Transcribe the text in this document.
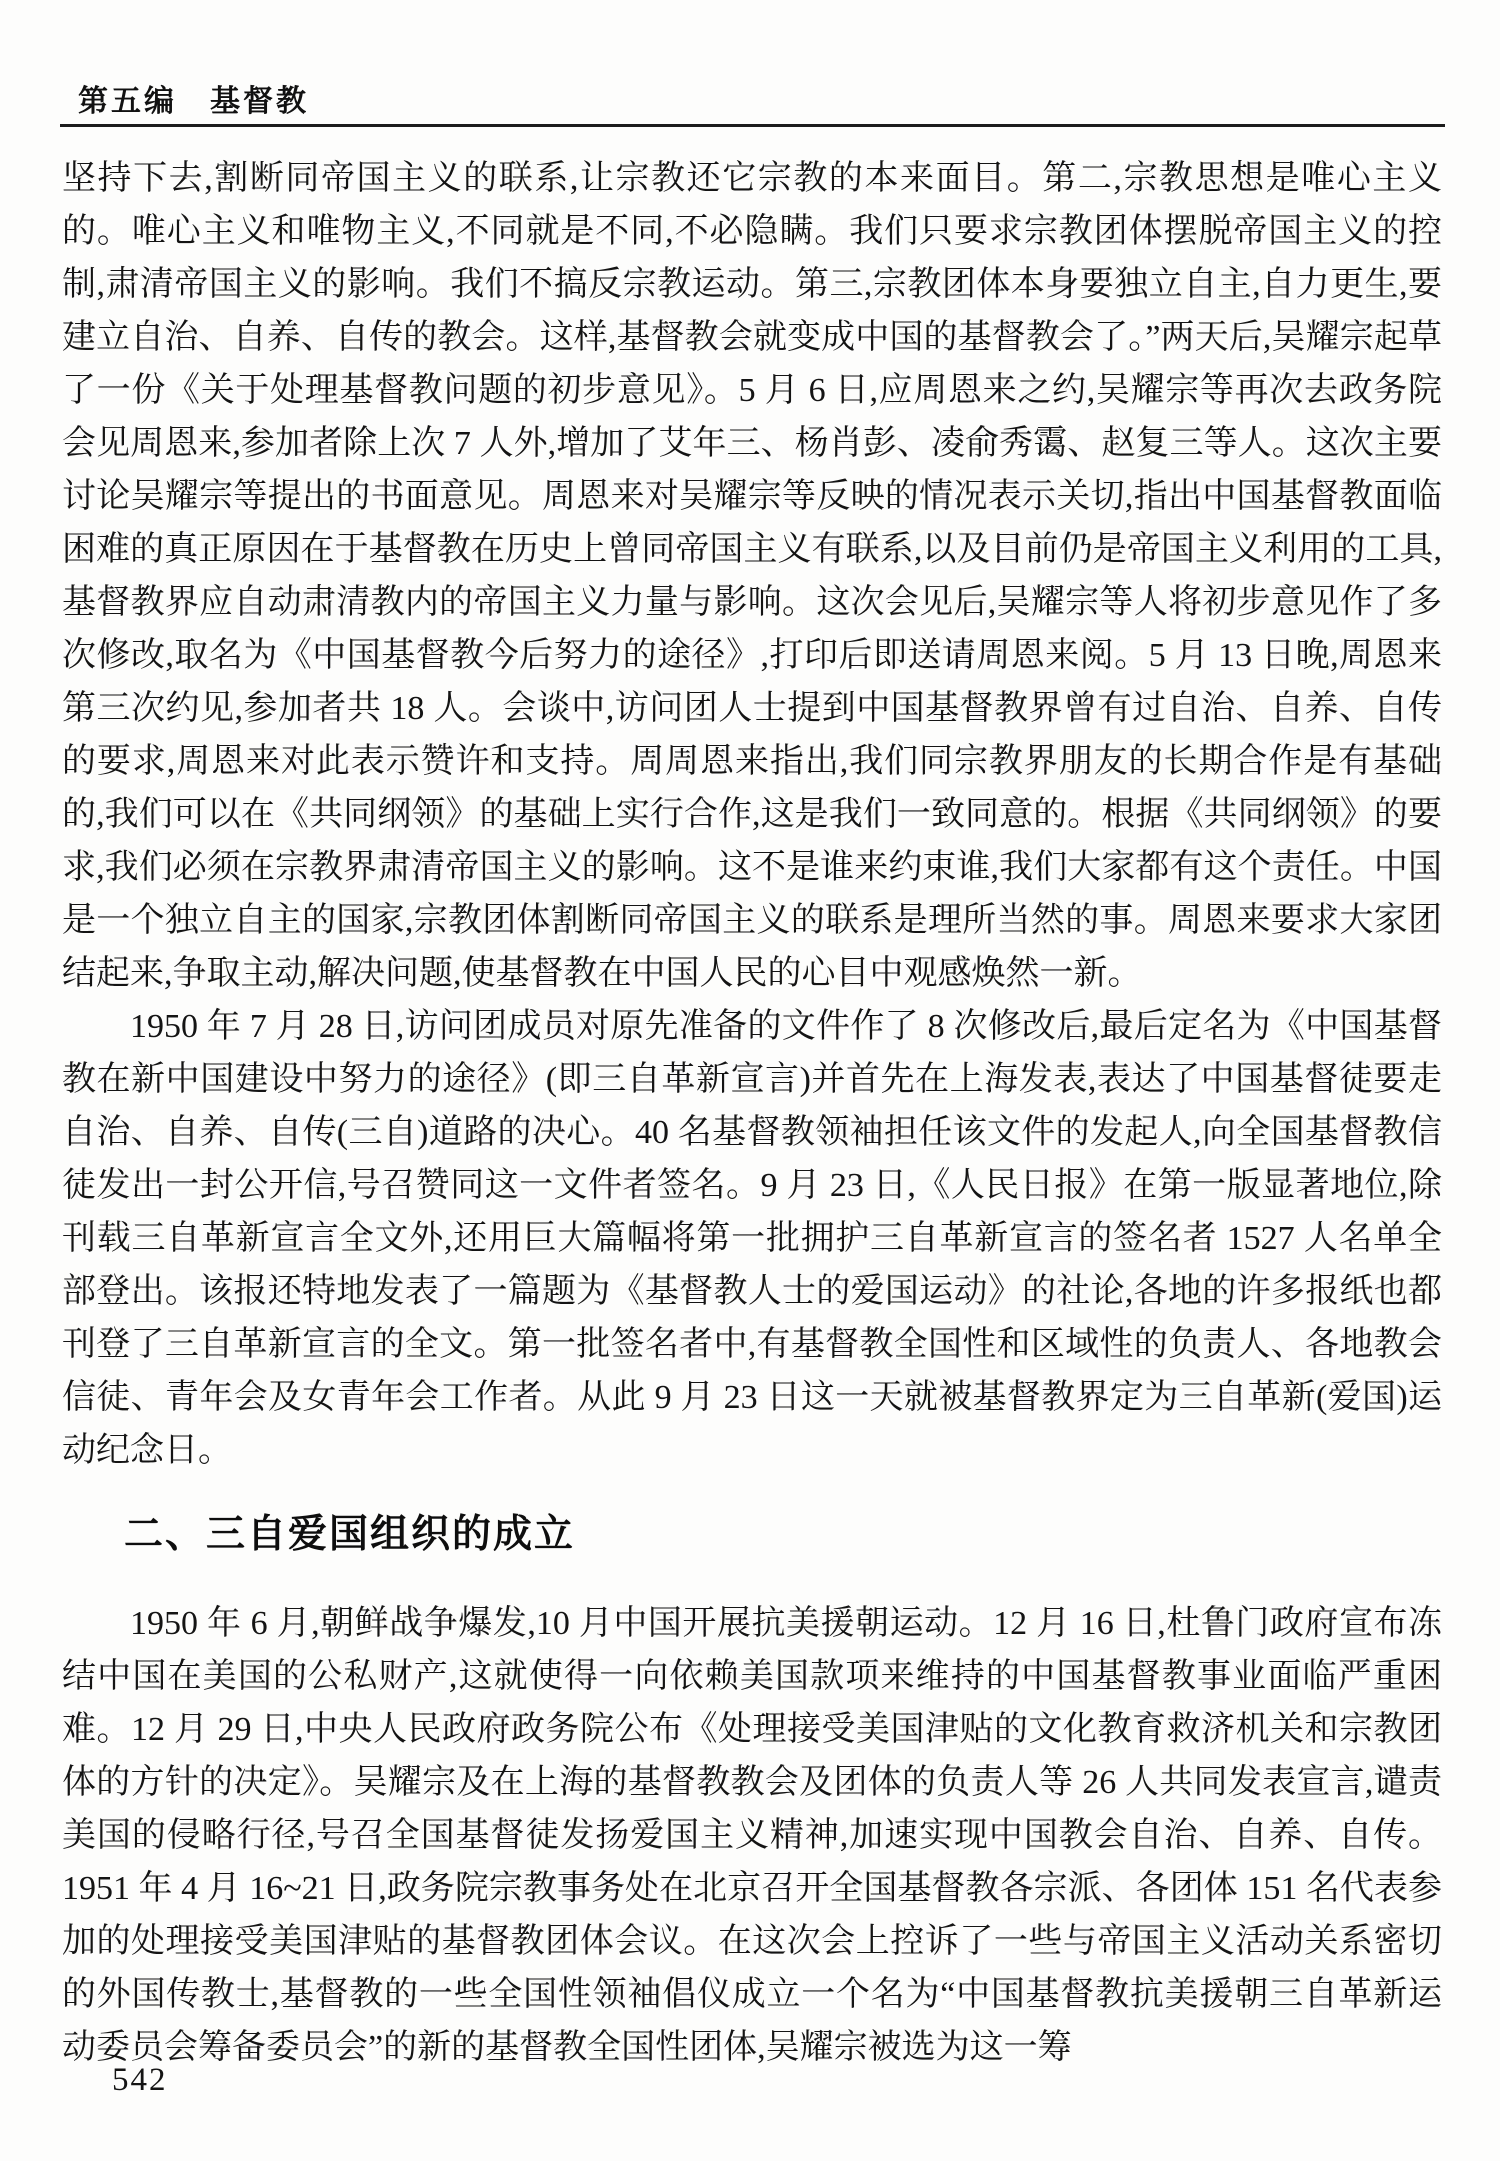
第五编　基督教

坚持下去,割断同帝国主义的联系,让宗教还它宗教的本来面目。第二,宗教思想是唯心主义的。唯心主义和唯物主义,不同就是不同,不必隐瞒。我们只要求宗教团体摆脱帝国主义的控制,肃清帝国主义的影响。我们不搞反宗教运动。第三,宗教团体本身要独立自主,自力更生,要建立自治、自养、自传的教会。这样,基督教会就变成中国的基督教会了。”两天后,吴耀宗起草了一份《关于处理基督教问题的初步意见》。5 月 6 日,应周恩来之约,吴耀宗等再次去政务院会见周恩来,参加者除上次 7 人外,增加了艾年三、杨肖彭、凌俞秀霭、赵复三等人。这次主要讨论吴耀宗等提出的书面意见。周恩来对吴耀宗等反映的情况表示关切,指出中国基督教面临困难的真正原因在于基督教在历史上曾同帝国主义有联系,以及目前仍是帝国主义利用的工具,基督教界应自动肃清教内的帝国主义力量与影响。这次会见后,吴耀宗等人将初步意见作了多次修改,取名为《中国基督教今后努力的途径》,打印后即送请周恩来阅。5 月 13 日晚,周恩来第三次约见,参加者共 18 人。会谈中,访问团人士提到中国基督教界曾有过自治、自养、自传的要求,周恩来对此表示赞许和支持。周周恩来指出,我们同宗教界朋友的长期合作是有基础的,我们可以在《共同纲领》的基础上实行合作,这是我们一致同意的。根据《共同纲领》的要求,我们必须在宗教界肃清帝国主义的影响。这不是谁来约束谁,我们大家都有这个责任。中国是一个独立自主的国家,宗教团体割断同帝国主义的联系是理所当然的事。周恩来要求大家团结起来,争取主动,解决问题,使基督教在中国人民的心目中观感焕然一新。

1950 年 7 月 28 日,访问团成员对原先准备的文件作了 8 次修改后,最后定名为《中国基督教在新中国建设中努力的途径》(即三自革新宣言)并首先在上海发表,表达了中国基督徒要走自治、自养、自传(三自)道路的决心。40 名基督教领袖担任该文件的发起人,向全国基督教信徒发出一封公开信,号召赞同这一文件者签名。9 月 23 日,《人民日报》在第一版显著地位,除刊载三自革新宣言全文外,还用巨大篇幅将第一批拥护三自革新宣言的签名者 1527 人名单全部登出。该报还特地发表了一篇题为《基督教人士的爱国运动》的社论,各地的许多报纸也都刊登了三自革新宣言的全文。第一批签名者中,有基督教全国性和区域性的负责人、各地教会信徒、青年会及女青年会工作者。从此 9 月 23 日这一天就被基督教界定为三自革新(爱国)运动纪念日。

二、三自爱国组织的成立

1950 年 6 月,朝鲜战争爆发,10 月中国开展抗美援朝运动。12 月 16 日,杜鲁门政府宣布冻结中国在美国的公私财产,这就使得一向依赖美国款项来维持的中国基督教事业面临严重困难。12 月 29 日,中央人民政府政务院公布《处理接受美国津贴的文化教育救济机关和宗教团体的方针的决定》。吴耀宗及在上海的基督教教会及团体的负责人等 26 人共同发表宣言,谴责美国的侵略行径,号召全国基督徒发扬爱国主义精神,加速实现中国教会自治、自养、自传。1951 年 4 月 16~21 日,政务院宗教事务处在北京召开全国基督教各宗派、各团体 151 名代表参加的处理接受美国津贴的基督教团体会议。在这次会上控诉了一些与帝国主义活动关系密切的外国传教士,基督教的一些全国性领袖倡仪成立一个名为“中国基督教抗美援朝三自革新运动委员会筹备委员会”的新的基督教全国性团体,吴耀宗被选为这一筹

542
